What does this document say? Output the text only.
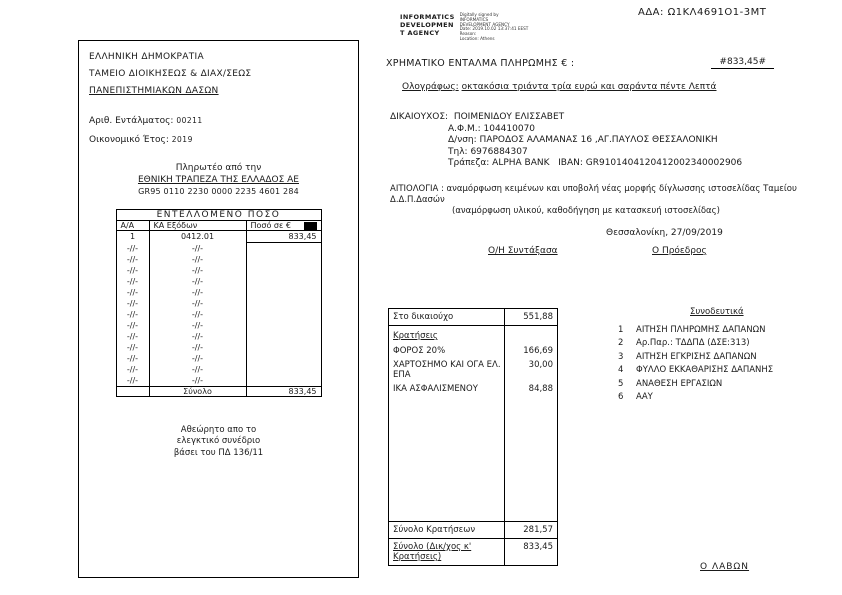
ΑΔΑ: Ω1ΚΛ4691Ο1-3ΜΤ
INFORMATICS
DEVELOPMEN
T AGENCY
Digitally signed by
INFORMATICS
DEVELOPMENT AGENCY
Date: 2019.10.02 13:37:41 EEST
Reason:
Location: Athens
ΕΛΛΗΝΙΚΗ ΔΗΜΟΚΡΑΤΙΑ
ΤΑΜΕΙΟ ΔΙΟΙΚΗΣΕΩΣ & ΔΙΑΧ/ΣΕΩΣ
ΠΑΝΕΠΙΣΤΗΜΙΑΚΩΝ ΔΑΣΩΝ
Αριθ. Εντάλματος: 00211
Οικονομικό Έτος: 2019
Πληρωτέο από την
ΕΘΝΙΚΗ ΤΡΑΠΕΖΑ ΤΗΣ ΕΛΛΑΔΟΣ ΑΕ
GR95 0110 2230 0000 2235 4601 284
ΕΝΤΕΛΛΟΜΕΝΟ ΠΟΣΟ		
Α/Α	ΚΑ Εξόδων	Ποσό σε €

1	0412.01	833,45
-//-	-//-	
-//-	-//-	
-//-	-//-	
-//-	-//-	
-//-	-//-	
-//-	-//-	
-//-	-//-	
-//-	-//-	
-//-	-//-	
-//-	-//-	
-//-	-//-	
-//-	-//-	
-//-	-//-	
	Σύνολο	833,45
Αθεώρητο απο το
ελεγκτικό συνέδριο
βάσει του ΠΔ 136/11
ΧΡΗΜΑΤΙΚΟ ΕΝΤΑΛΜΑ ΠΛΗΡΩΜΗΣ € :	#833,45#
Ολογράφως: οκτακόσια τριάντα τρία ευρώ και σαράντα πέντε Λεπτά
ΔΙΚΑΙΟΥΧΟΣ: ΠΟΙΜΕΝΙΔΟΥ ΕΛΙΣΣΑΒΕΤ
Α.Φ.Μ.: 104410070
Δ/νση: ΠΑΡΟΔΟΣ ΑΛΑΜΑΝΑΣ 16 ,ΑΓ.ΠΑΥΛΟΣ ΘΕΣΣΑΛΟΝΙΚΗ
Τηλ: 6976884307
Τράπεζα: ALPHA BANK IBAN: GR9101404120412002340002906
ΑΙΤΙΟΛΟΓΙΑ : αναμόρφωση κειμένων και υποβολή νέας μορφής δίγλωσσης ιστοσελίδας Ταμείου Δ.Δ.Π.Δασών
(αναμόρφωση υλικού, καθοδήγηση με κατασκευή ιστοσελίδας)
Θεσσαλονίκη, 27/09/2019
Ο/Η Συντάξασα	Ο Πρόεδρος
Στο δικαιούχο	551,88
Κρατήσεις
ΦΟΡΟΣ 20%	166,69
ΧΑΡΤΟΣΗΜΟ ΚΑΙ ΟΓΑ ΕΛ. ΕΠΑ
30,00
ΙΚΑ ΑΣΦΑΛΙΣΜΕΝΟΥ	84,88
Σύνολο Κρατήσεων	281,57
Σύνολο (Δικ/χος κ' Κρατήσεις)
833,45
Συνοδευτικά
1	ΑΙΤΗΣΗ ΠΛΗΡΩΜΗΣ ΔΑΠΑΝΩΝ
2	Αρ.Παρ.: ΤΔΔΠΔ (ΔΣΕ:313)
3	ΑΙΤΗΣΗ ΕΓΚΡΙΣΗΣ ΔΑΠΑΝΩΝ
4	ΦΥΛΛΟ ΕΚΚΑΘΑΡΙΣΗΣ ΔΑΠΑΝΗΣ
5	ΑΝΑΘΕΣΗ ΕΡΓΑΣΙΩΝ
6	ΑΑΥ
Ο ΛΑΒΩΝ
